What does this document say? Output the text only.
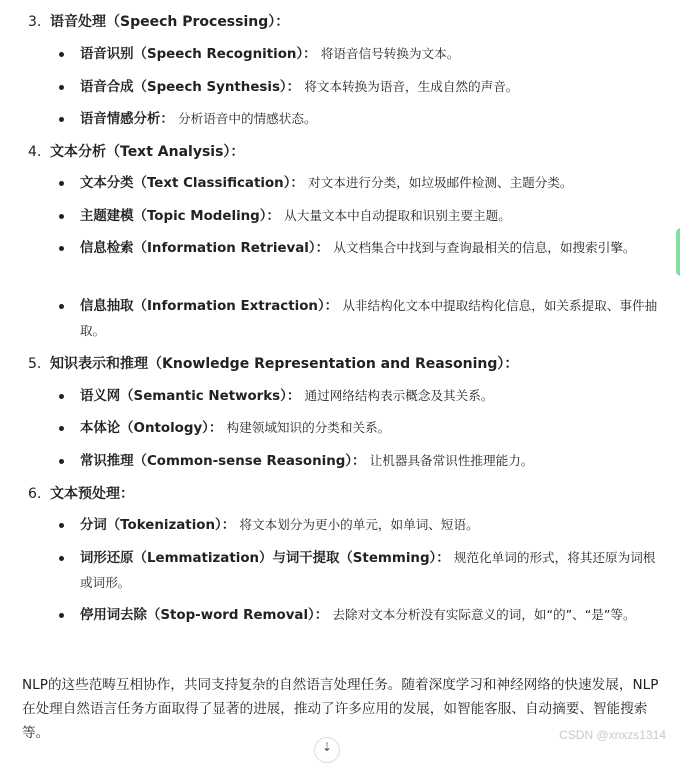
3. 语音处理（Speech Processing）：
语音识别（Speech Recognition）： 将语音信号转换为文本。
语音合成（Speech Synthesis）： 将文本转换为语音，生成自然的声音。
语音情感分析： 分析语音中的情感状态。
4. 文本分析（Text Analysis）：
文本分类（Text Classification）： 对文本进行分类，如垃圾邮件检测、主题分类。
主题建模（Topic Modeling）： 从大量文本中自动提取和识别主要主题。
信息检索（Information Retrieval）： 从文档集合中找到与查询最相关的信息，如搜索引擎。
信息抽取（Information Extraction）： 从非结构化文本中提取结构化信息，如关系提取、事件抽取。
5. 知识表示和推理（Knowledge Representation and Reasoning）：
语义网（Semantic Networks）： 通过网络结构表示概念及其关系。
本体论（Ontology）： 构建领域知识的分类和关系。
常识推理（Common-sense Reasoning）： 让机器具备常识性推理能力。
6. 文本预处理：
分词（Tokenization）： 将文本划分为更小的单元，如单词、短语。
词形还原（Lemmatization）与词干提取（Stemming）： 规范化单词的形式，将其还原为词根或词形。
停用词去除（Stop-word Removal）： 去除对文本分析没有实际意义的词，如“的”、“是”等。
NLP的这些范畴互相协作，共同支持复杂的自然语言处理任务。随着深度学习和神经网络的快速发展，NLP在处理自然语言任务方面取得了显著的进展，推动了许多应用的发展，如智能客服、自动摘要、智能搜索等。
⇣
CSDN @xnxzs1314
